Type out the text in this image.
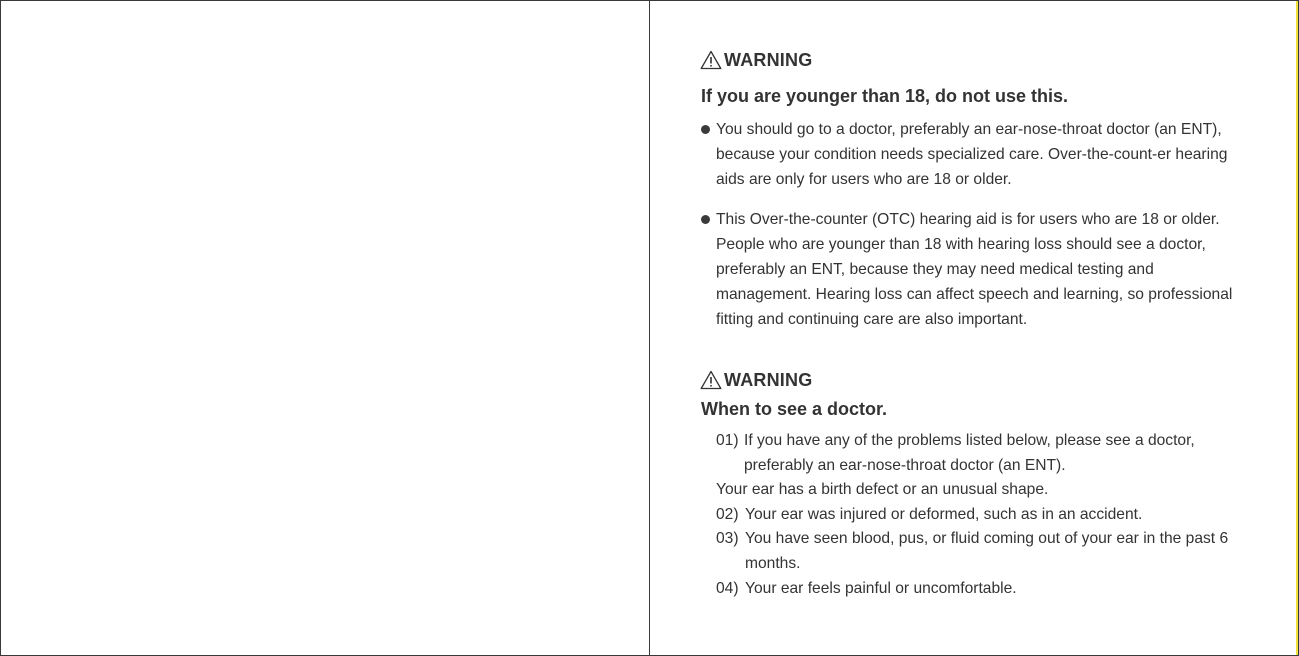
WARNING
If you are younger than 18, do not use this.
You should go to a doctor, preferably an ear-nose-throat doctor (an ENT), because your condition needs specialized care. Over-the-count-er hearing aids are only for users who are 18 or older.
This Over-the-counter (OTC) hearing aid is for users who are 18 or older. People who are younger than 18 with hearing loss should see a doctor, preferably an ENT, because they may need medical testing and management. Hearing loss can affect speech and learning, so professional fitting and continuing care are also important.
WARNING
When to see a doctor.
01) If you have any of the problems listed below, please see a doctor, preferably an ear-nose-throat doctor (an ENT).
Your ear has a birth defect or an unusual shape.
02) Your ear was injured or deformed, such as in an accident.
03) You have seen blood, pus, or fluid coming out of your ear in the past 6 months.
04) Your ear feels painful or uncomfortable.
